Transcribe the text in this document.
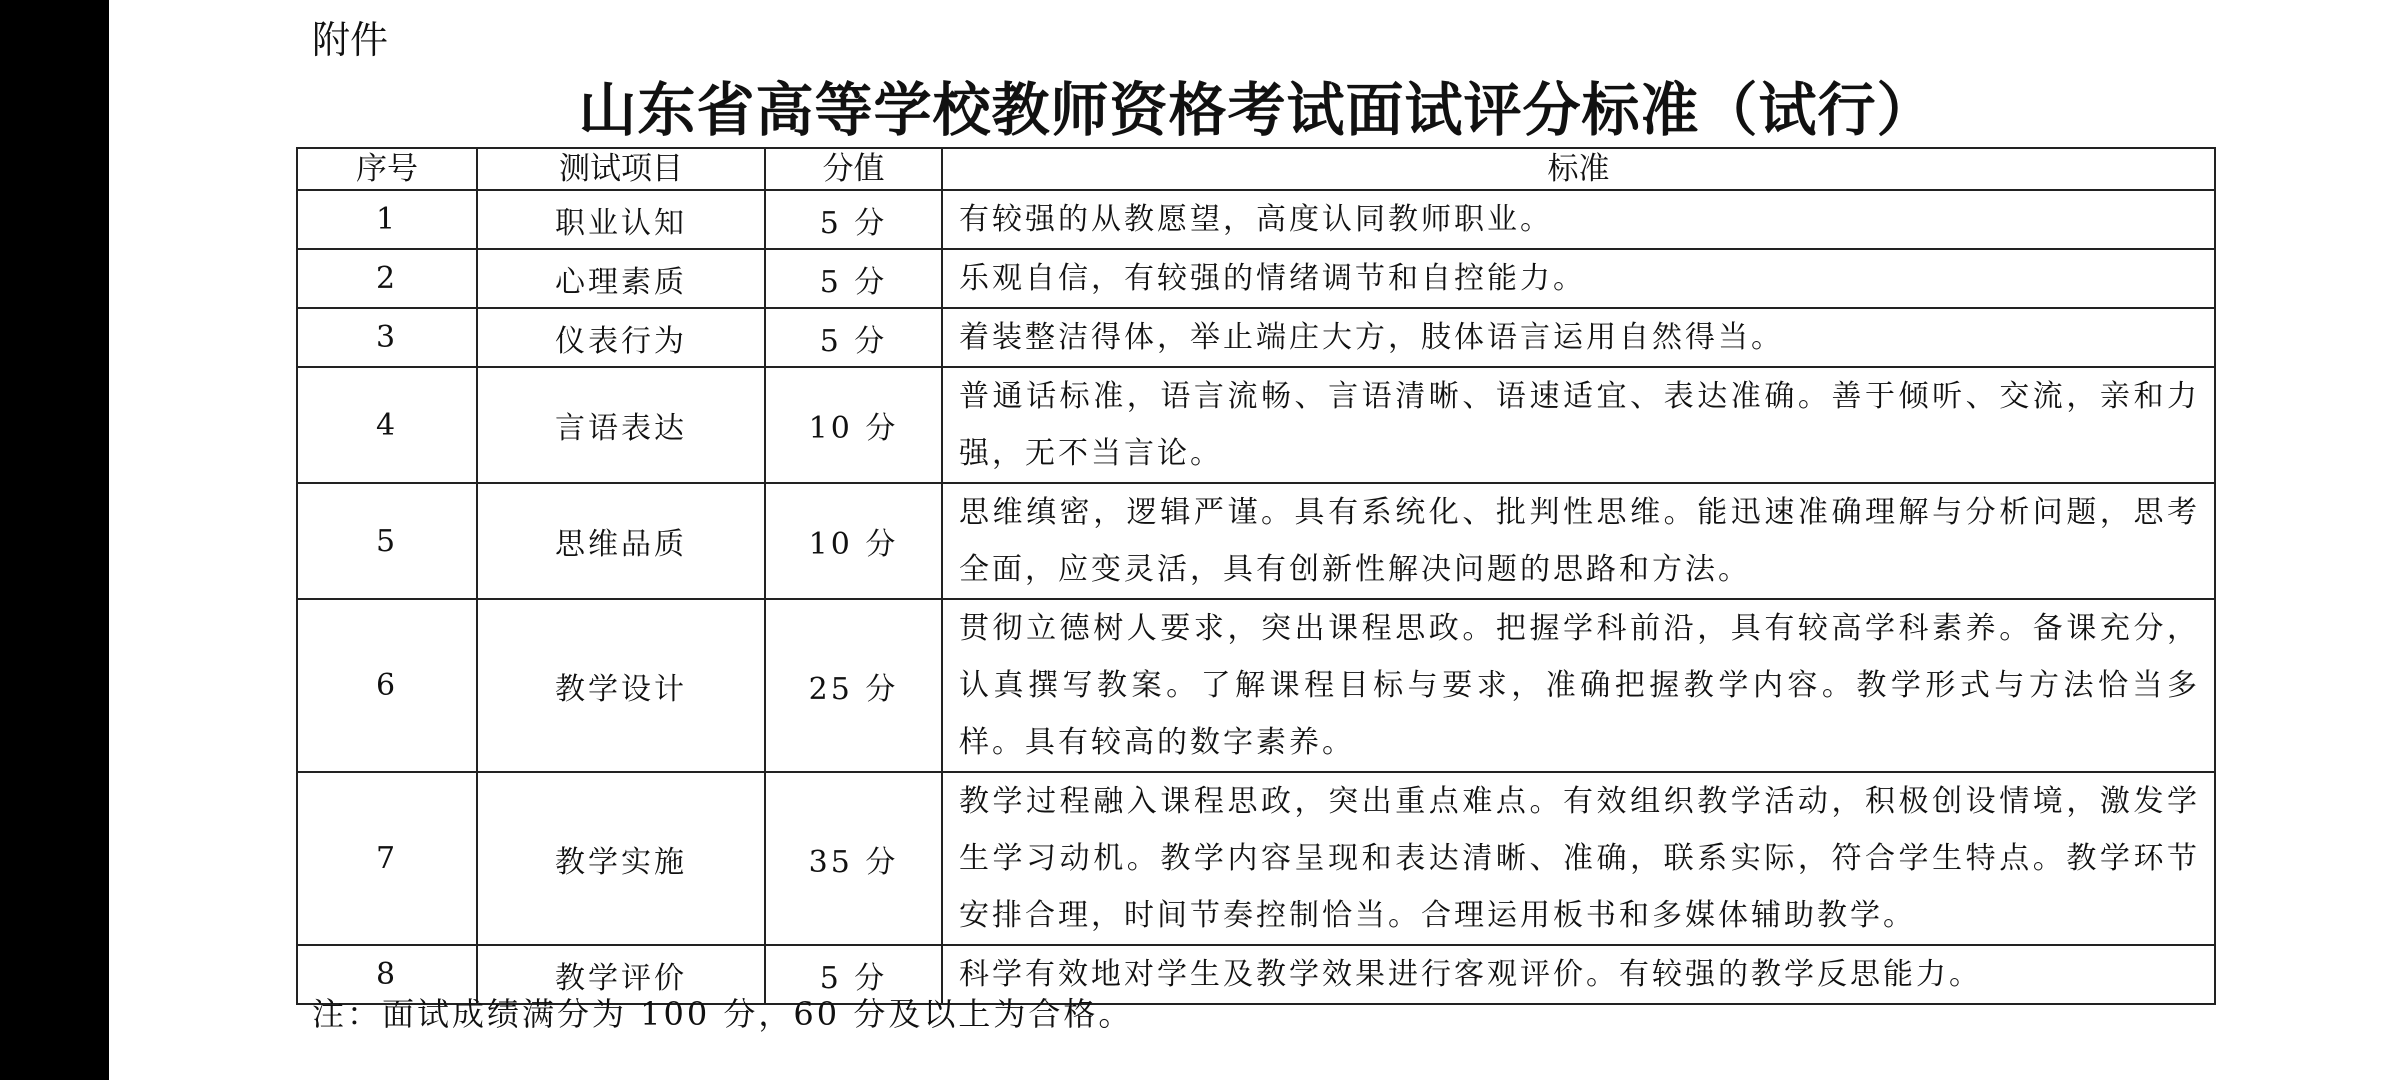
附件
山东省高等学校教师资格考试面试评分标准（试行）
序号	测试项目	分值	标准
1	职业认知	5 分	有较强的从教愿望，高度认同教师职业。
2	心理素质	5 分	乐观自信，有较强的情绪调节和自控能力。
3	仪表行为	5 分	着装整洁得体，举止端庄大方，肢体语言运用自然得当。
4	言语表达	10 分	普通话标准，语言流畅、言语清晰、语速适宜、表达准确。善于倾听、交流，亲和力强，无不当言论。
5	思维品质	10 分	思维缜密，逻辑严谨。具有系统化、批判性思维。能迅速准确理解与分析问题，思考全面，应变灵活，具有创新性解决问题的思路和方法。
6	教学设计	25 分	贯彻立德树人要求，突出课程思政。把握学科前沿，具有较高学科素养。备课充分，认真撰写教案。了解课程目标与要求，准确把握教学内容。教学形式与方法恰当多样。具有较高的数字素养。
7	教学实施	35 分	教学过程融入课程思政，突出重点难点。有效组织教学活动，积极创设情境，激发学生学习动机。教学内容呈现和表达清晰、准确，联系实际，符合学生特点。教学环节安排合理，时间节奏控制恰当。合理运用板书和多媒体辅助教学。
8	教学评价	5 分	科学有效地对学生及教学效果进行客观评价。有较强的教学反思能力。
注：面试成绩满分为 100 分，60 分及以上为合格。
